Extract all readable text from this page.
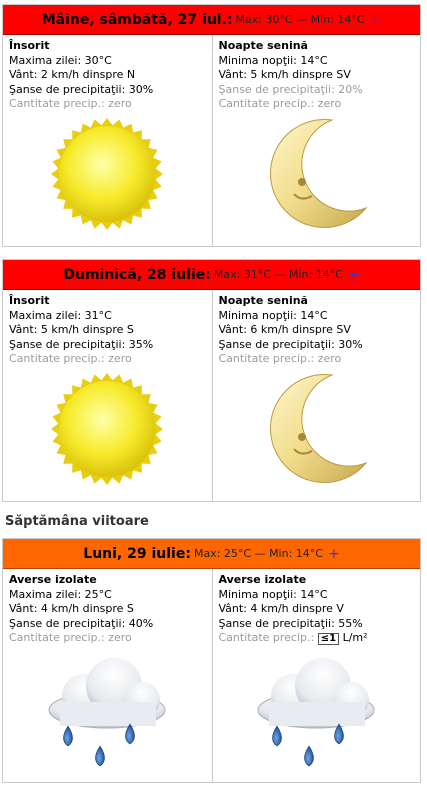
Mâine, sâmbătă, 27 iul. : Max: 30°C — Min: 14°C +
Însorit
Maxima zilei: 30°C
Vânt: 2 km/h dinspre N
Şanse de precipitaţii: 30%
Cantitate precip.: zero
Noapte senină
Minima nopţii: 14°C
Vânt: 5 km/h dinspre SV
Şanse de precipitaţii: 20%
Cantitate precip.: zero
Duminică, 28 iulie : Max: 31°C — Min: 14°C +
Însorit
Maxima zilei: 31°C
Vânt: 5 km/h dinspre S
Şanse de precipitaţii: 35%
Cantitate precip.: zero
Noapte senină
Minima nopţii: 14°C
Vânt: 6 km/h dinspre SV
Şanse de precipitaţii: 30%
Cantitate precip.: zero
Săptămâna viitoare
Luni, 29 iulie : Max: 25°C — Min: 14°C +
Averse izolate
Maxima zilei: 25°C
Vânt: 4 km/h dinspre S
Şanse de precipitaţii: 40%
Cantitate precip.: zero
Averse izolate
Minima nopţii: 14°C
Vânt: 4 km/h dinspre V
Şanse de precipitaţii: 55%
Cantitate precip.: ≤1 L/m²
